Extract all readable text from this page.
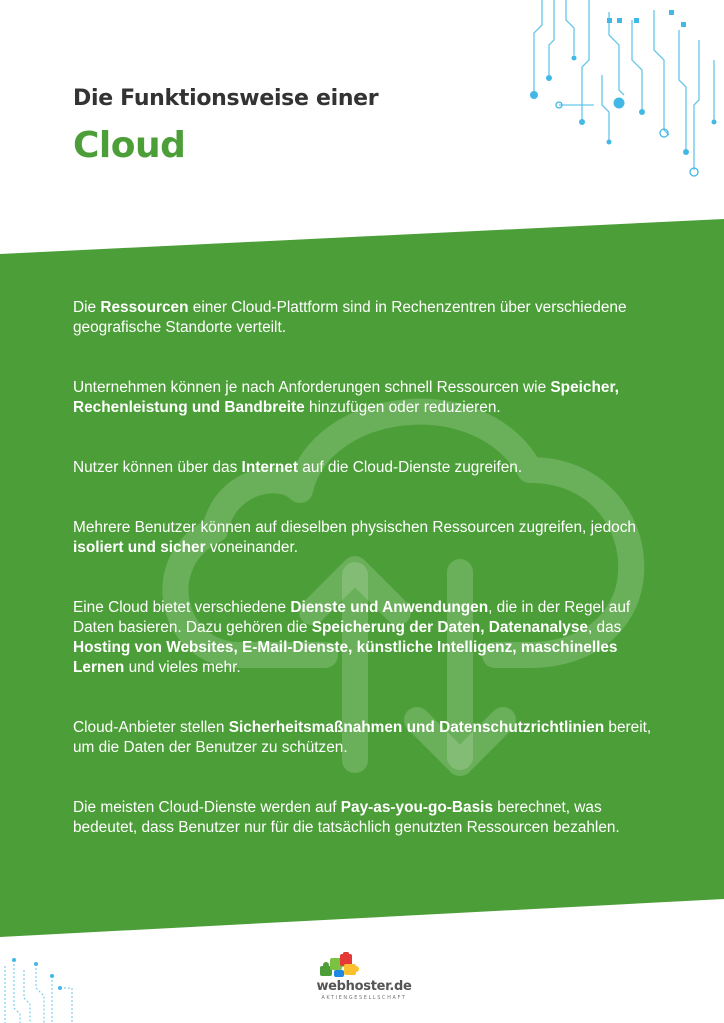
Die Funktionsweise einer
Cloud

Die Ressourcen einer Cloud-Plattform sind in Rechenzentren über verschiedene geografische Standorte verteilt.

Unternehmen können je nach Anforderungen schnell Ressourcen wie Speicher, Rechenleistung und Bandbreite hinzufügen oder reduzieren.

Nutzer können über das Internet auf die Cloud-Dienste zugreifen.

Mehrere Benutzer können auf dieselben physischen Ressourcen zugreifen, jedoch isoliert und sicher voneinander.

Eine Cloud bietet verschiedene Dienste und Anwendungen, die in der Regel auf Daten basieren. Dazu gehören die Speicherung der Daten, Datenanalyse, das Hosting von Websites, E-Mail-Dienste, künstliche Intelligenz, maschinelles Lernen und vieles mehr.

Cloud-Anbieter stellen Sicherheitsmaßnahmen und Datenschutzrichtlinien bereit, um die Daten der Benutzer zu schützen.

Die meisten Cloud-Dienste werden auf Pay-as-you-go-Basis berechnet, was bedeutet, dass Benutzer nur für die tatsächlich genutzten Ressourcen bezahlen.

webhoster.de
AKTIENGESELLSCHAFT
